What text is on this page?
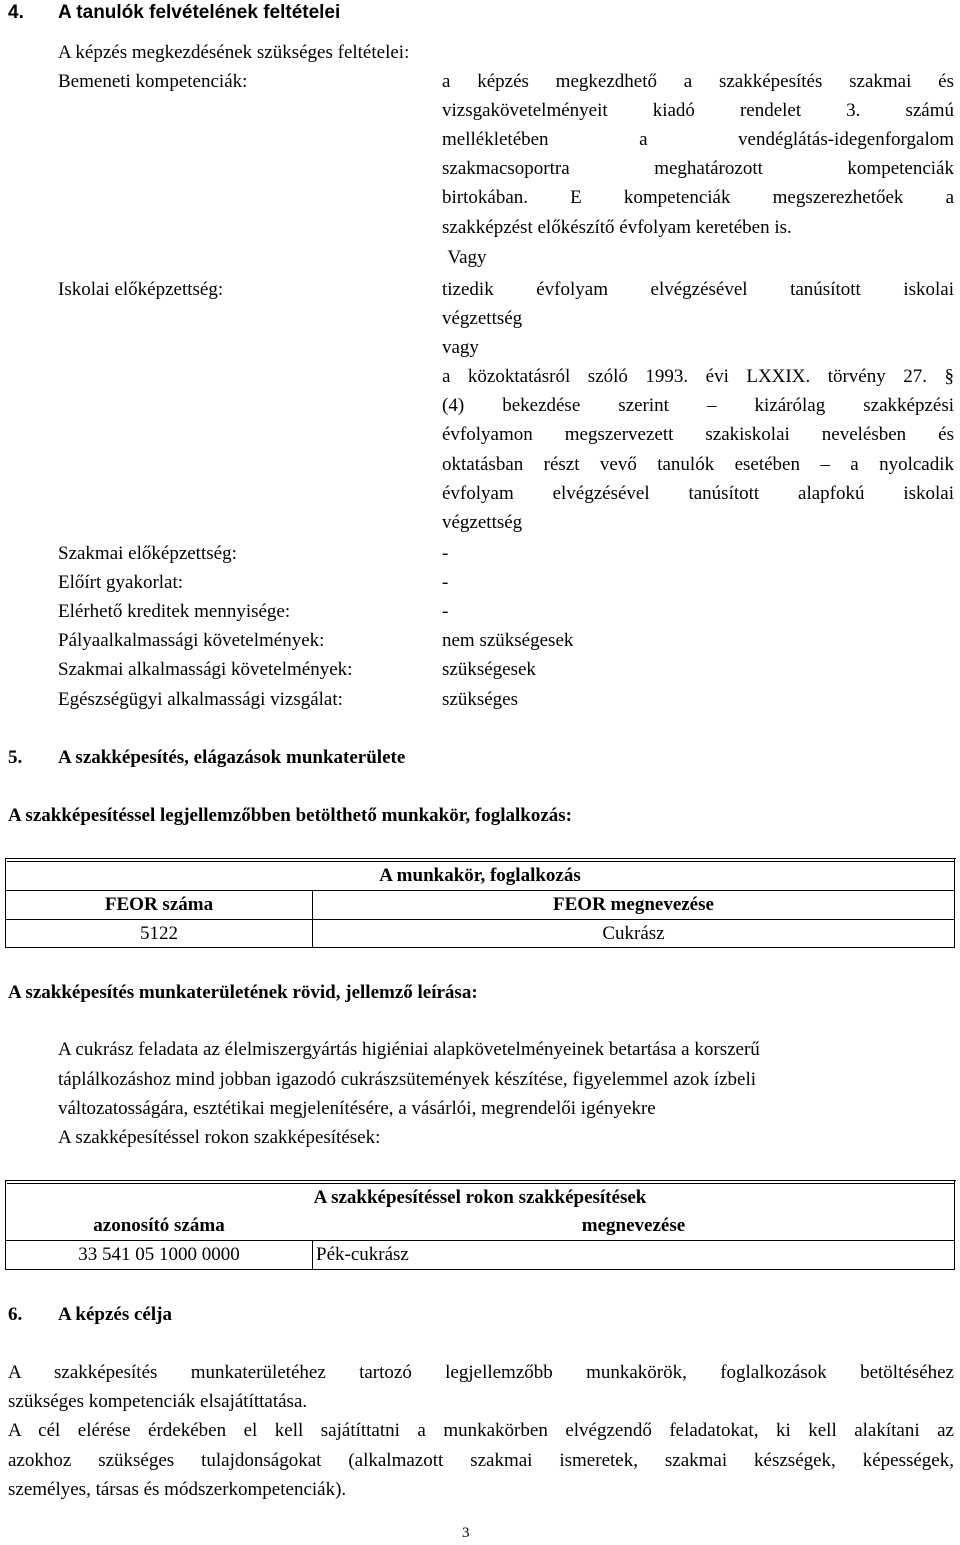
4. A tanulók felvételének feltételei
A képzés megkezdésének szükséges feltételei:
Bemeneti kompetenciák:	a képzés megkezdhető a szakképesítés szakmai és
vizsgakövetelményeit kiadó rendelet 3. számú
mellékletében a vendéglátás-idegenforgalom
szakmacsoportra meghatározott kompetenciák
birtokában. E kompetenciák megszerezhetőek a
szakképzést előkészítő évfolyam keretében is.
Vagy
Iskolai előképzettség:	tizedik évfolyam elvégzésével tanúsított iskolai
végzettség
vagy
a közoktatásról szóló 1993. évi LXXIX. törvény 27. §
(4) bekezdése szerint – kizárólag szakképzési
évfolyamon megszervezett szakiskolai nevelésben és
oktatásban részt vevő tanulók esetében – a nyolcadik
évfolyam elvégzésével tanúsított alapfokú iskolai
végzettség
Szakmai előképzettség:	-
Előírt gyakorlat:	-
Elérhető kreditek mennyisége:	-
Pályaalkalmassági követelmények:	nem szükségesek
Szakmai alkalmassági követelmények:	szükségesek
Egészségügyi alkalmassági vizsgálat:	szükséges
5. A szakképesítés, elágazások munkaterülete
A szakképesítéssel legjellemzőbben betölthető munkakör, foglalkozás:
A munkakör, foglalkozás
FEOR száma	FEOR megnevezése
5122	Cukrász
A szakképesítés munkaterületének rövid, jellemző leírása:
A cukrász feladata az élelmiszergyártás higiéniai alapkövetelményeinek betartása a korszerű
táplálkozáshoz mind jobban igazodó cukrászsütemények készítése, figyelemmel azok ízbeli
változatosságára, esztétikai megjelenítésére, a vásárlói, megrendelői igényekre
A szakképesítéssel rokon szakképesítések:
A szakképesítéssel rokon szakképesítések
azonosító száma	megnevezése
33 541 05 1000 0000	Pék-cukrász
6. A képzés célja
A szakképesítés munkaterületéhez tartozó legjellemzőbb munkakörök, foglalkozások betöltéséhez
szükséges kompetenciák elsajátíttatása.
A cél elérése érdekében el kell sajátíttatni a munkakörben elvégzendő feladatokat, ki kell alakítani az
azokhoz szükséges tulajdonságokat (alkalmazott szakmai ismeretek, szakmai készségek, képességek,
személyes, társas és módszerkompetenciák).
3
